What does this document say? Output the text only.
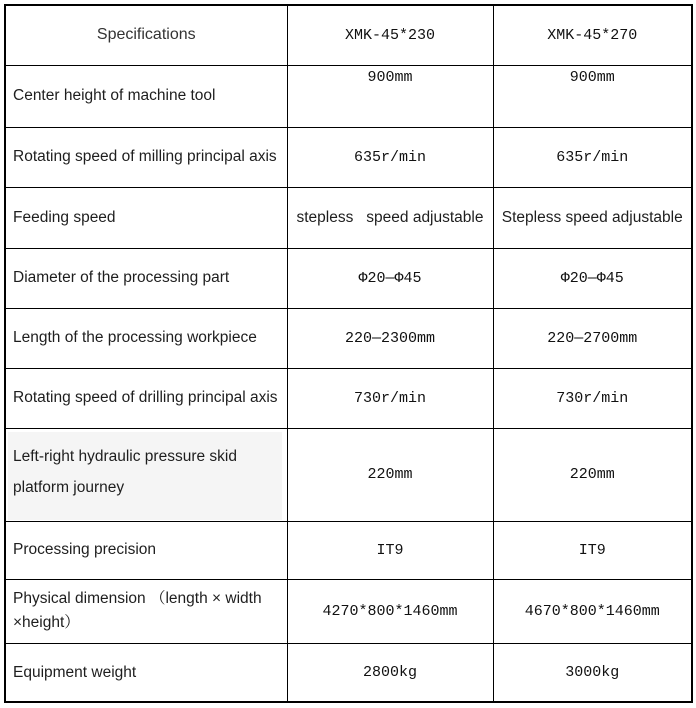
Specifications	XMK-45*230	XMK-45*270
Center height of machine tool	900mm	900mm
Rotating speed of milling principal axis	635r/min	635r/min
Feeding speed	stepless   speed adjustable	Stepless speed adjustable
Diameter of the processing part	Φ20—Φ45	Φ20—Φ45
Length of the processing workpiece	220—2300mm	220—2700mm
Rotating speed of drilling principal axis	730r/min	730r/min

Left-right hydraulic pressure skid platform journey	220mm	220mm
Processing precision	IT9	IT9
Physical dimension （length × width ×height）	4270*800*1460mm	4670*800*1460mm
Equipment weight	2800kg	3000kg
